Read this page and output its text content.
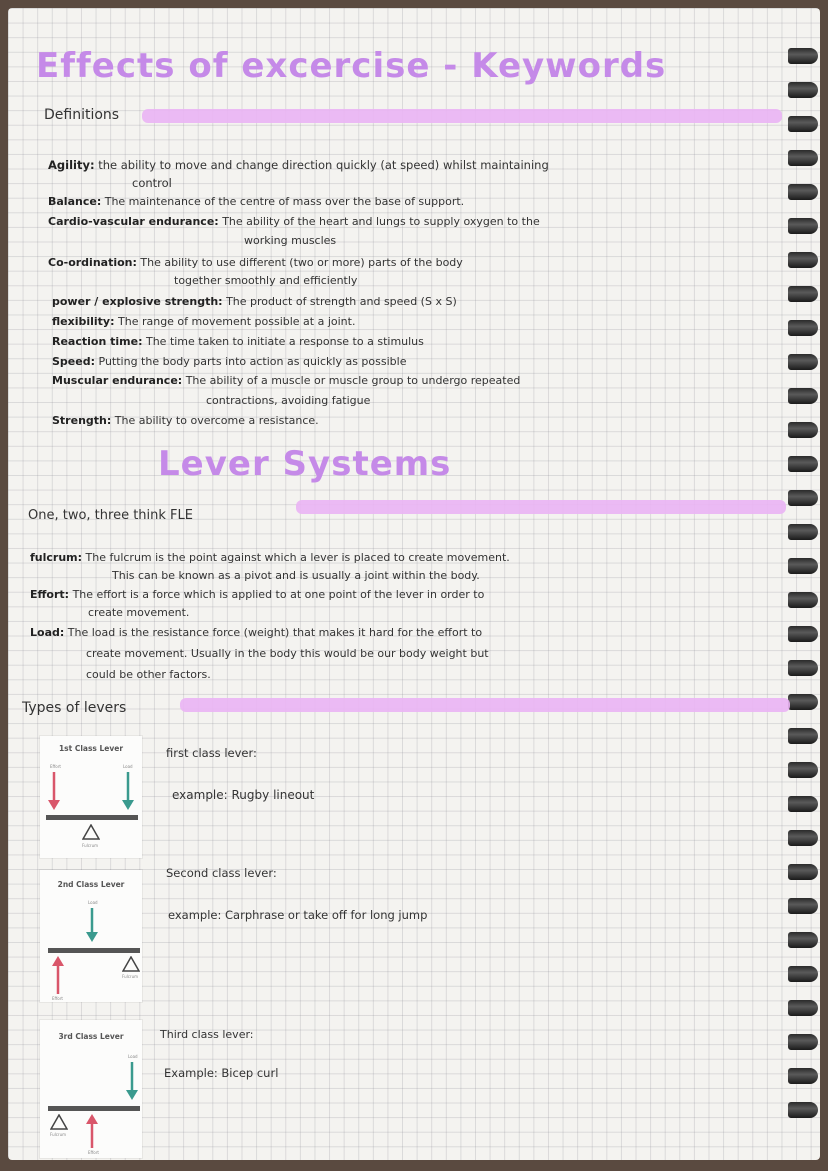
Effects of excercise - Keywords
Definitions
Agility: the ability to move and change direction quickly (at speed) whilst maintaining
control
Balance: The maintenance of the centre of mass over the base of support.
Cardio-vascular endurance: The ability of the heart and lungs to supply oxygen to the
working muscles
Co-ordination: The ability to use different (two or more) parts of the body
together smoothly and efficiently
power / explosive strength: The product of strength and speed (S x S)
flexibility: The range of movement possible at a joint.
Reaction time: The time taken to initiate a response to a stimulus
Speed: Putting the body parts into action as quickly as possible
Muscular endurance: The ability of a muscle or muscle group to undergo repeated
contractions, avoiding fatigue
Strength: The ability to overcome a resistance.
Lever Systems
One, two, three think FLE
fulcrum: The fulcrum is the point against which a lever is placed to create movement.
This can be known as a pivot and is usually a joint within the body.
Effort: The effort is a force which is applied to at one point of the lever in order to
create movement.
Load: The load is the resistance force (weight) that makes it hard for the effort to
create movement. Usually in the body this would be our body weight but
could be other factors.
Types of levers
1st Class Lever
Effort	Load
Fulcrum
2nd Class Lever
Load
Fulcrum
Effort
3rd Class Lever
Load
Fulcrum
Effort
first class lever:
example: Rugby lineout
Second class lever:
example: Carphrase or take off for long jump
Third class lever:
Example: Bicep curl
